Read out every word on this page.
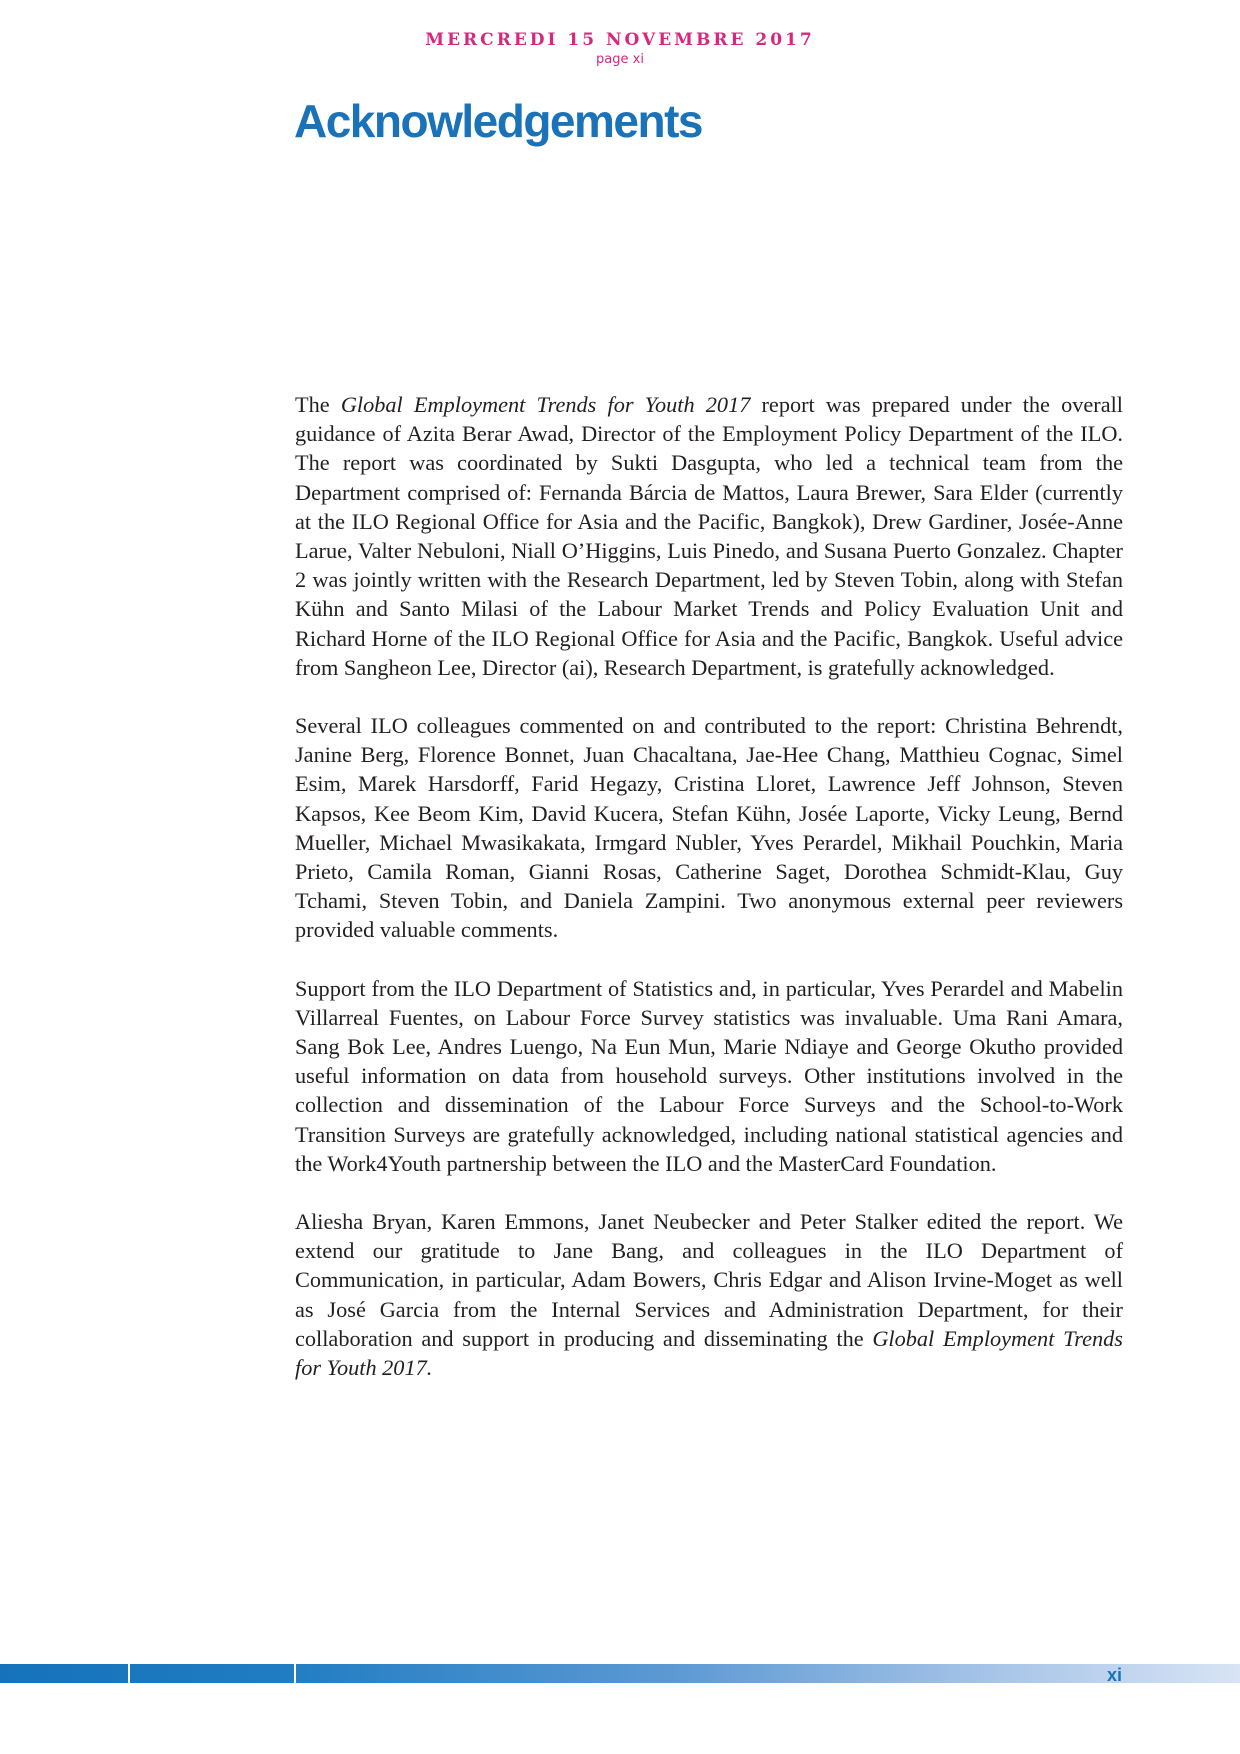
MERCREDI 15 NOVEMBRE 2017
page xi
Acknowledgements

The Global Employment Trends for Youth 2017 report was prepared under the overall guidance of Azita Berar Awad, Director of the Employment Policy Department of the ILO. The report was coordinated by Sukti Dasgupta, who led a technical team from the Department comprised of: Fernanda Bárcia de Mattos, Laura Brewer, Sara Elder (currently at the ILO Regional Office for Asia and the Pacific, Bangkok), Drew Gardiner, Josée-Anne Larue, Valter Nebuloni, Niall O’Higgins, Luis Pinedo, and Susana Puerto Gonzalez. Chapter 2 was jointly written with the Research Department, led by Steven Tobin, along with Stefan Kühn and Santo Milasi of the Labour Market Trends and Policy Evaluation Unit and Richard Horne of the ILO Regional Office for Asia and the Pacific, Bangkok. Useful advice from Sangheon Lee, Director (ai), Research Department, is gratefully acknowledged.

Several ILO colleagues commented on and contributed to the report: Christina Behrendt, Janine Berg, Florence Bonnet, Juan Chacaltana, Jae-Hee Chang, Matthieu Cognac, Simel Esim, Marek Harsdorff, Farid Hegazy, Cristina Lloret, Lawrence Jeff Johnson, Steven Kapsos, Kee Beom Kim, David Kucera, Stefan Kühn, Josée Laporte, Vicky Leung, Bernd Mueller, Michael Mwasikakata, Irmgard Nubler, Yves Perardel, Mikhail Pouchkin, Maria Prieto, Camila Roman, Gianni Rosas, Catherine Saget, Dorothea Schmidt-Klau, Guy Tchami, Steven Tobin, and Daniela Zampini. Two anonymous external peer reviewers provided valuable comments.

Support from the ILO Department of Statistics and, in particular, Yves Perardel and Mabelin Villarreal Fuentes, on Labour Force Survey statistics was invaluable. Uma Rani Amara, Sang Bok Lee, Andres Luengo, Na Eun Mun, Marie Ndiaye and George Okutho provided useful information on data from household surveys. Other institutions involved in the collection and dissemination of the Labour Force Surveys and the School-to-Work Transition Surveys are gratefully acknowledged, including national statistical agencies and the Work4Youth partnership between the ILO and the MasterCard Foundation.

Aliesha Bryan, Karen Emmons, Janet Neubecker and Peter Stalker edited the report. We extend our gratitude to Jane Bang, and colleagues in the ILO Department of Communication, in particular, Adam Bowers, Chris Edgar and Alison Irvine-Moget as well as José Garcia from the Internal Services and Administration Department, for their collaboration and support in producing and disseminating the Global Employment Trends for Youth 2017.

xi
